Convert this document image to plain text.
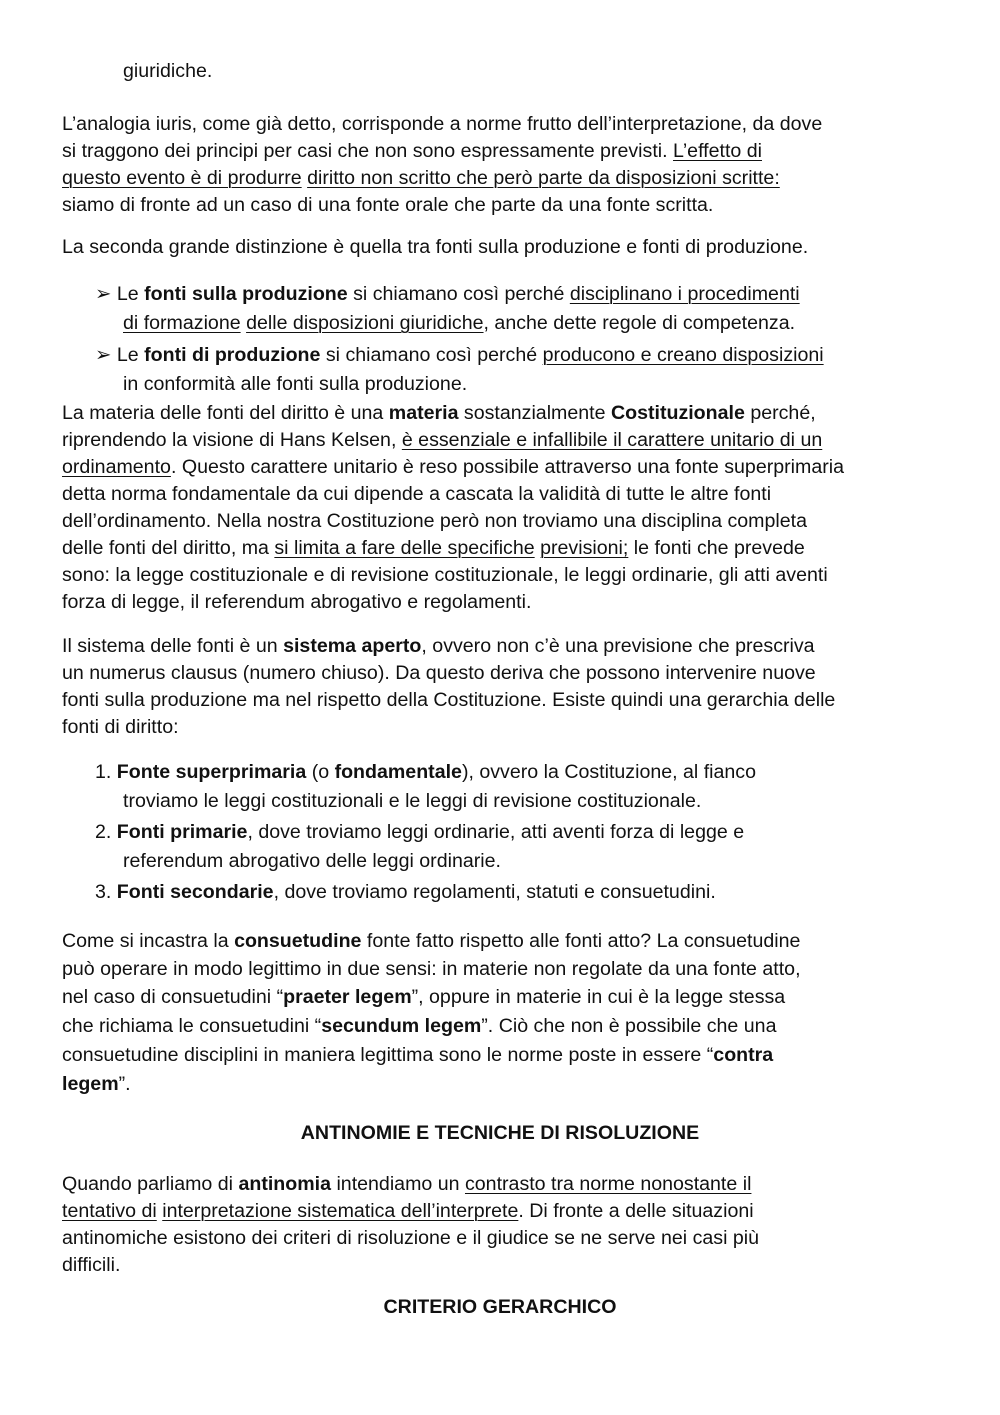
giuridiche.
L’analogia iuris, come già detto, corrisponde a norme frutto dell’interpretazione, da dove
si traggono dei principi per casi che non sono espressamente previsti. L’effetto di
questo evento è di produrre diritto non scritto che però parte da disposizioni scritte:
siamo di fronte ad un caso di una fonte orale che parte da una fonte scritta.
La seconda grande distinzione è quella tra fonti sulla produzione e fonti di produzione.
➢ Le fonti sulla produzione si chiamano così perché disciplinano i procedimenti
di formazione delle disposizioni giuridiche, anche dette regole di competenza.
➢ Le fonti di produzione si chiamano così perché producono e creano disposizioni
in conformità alle fonti sulla produzione.
La materia delle fonti del diritto è una materia sostanzialmente Costituzionale perché,
riprendendo la visione di Hans Kelsen, è essenziale e infallibile il carattere unitario di un
ordinamento. Questo carattere unitario è reso possibile attraverso una fonte superprimaria
detta norma fondamentale da cui dipende a cascata la validità di tutte le altre fonti
dell’ordinamento. Nella nostra Costituzione però non troviamo una disciplina completa
delle fonti del diritto, ma si limita a fare delle specifiche previsioni; le fonti che prevede
sono: la legge costituzionale e di revisione costituzionale, le leggi ordinarie, gli atti aventi
forza di legge, il referendum abrogativo e regolamenti.
Il sistema delle fonti è un sistema aperto, ovvero non c’è una previsione che prescriva
un numerus clausus (numero chiuso). Da questo deriva che possono intervenire nuove
fonti sulla produzione ma nel rispetto della Costituzione. Esiste quindi una gerarchia delle
fonti di diritto:
1. Fonte superprimaria (o fondamentale), ovvero la Costituzione, al fianco
troviamo le leggi costituzionali e le leggi di revisione costituzionale.
2. Fonti primarie, dove troviamo leggi ordinarie, atti aventi forza di legge e
referendum abrogativo delle leggi ordinarie.
3. Fonti secondarie, dove troviamo regolamenti, statuti e consuetudini.
Come si incastra la consuetudine fonte fatto rispetto alle fonti atto? La consuetudine
può operare in modo legittimo in due sensi: in materie non regolate da una fonte atto,
nel caso di consuetudini “praeter legem”, oppure in materie in cui è la legge stessa
che richiama le consuetudini “secundum legem”. Ciò che non è possibile che una
consuetudine disciplini in maniera legittima sono le norme poste in essere “contra
legem”.
ANTINOMIE E TECNICHE DI RISOLUZIONE
Quando parliamo di antinomia intendiamo un contrasto tra norme nonostante il
tentativo di interpretazione sistematica dell’interprete. Di fronte a delle situazioni
antinomiche esistono dei criteri di risoluzione e il giudice se ne serve nei casi più
difficili.
CRITERIO GERARCHICO
